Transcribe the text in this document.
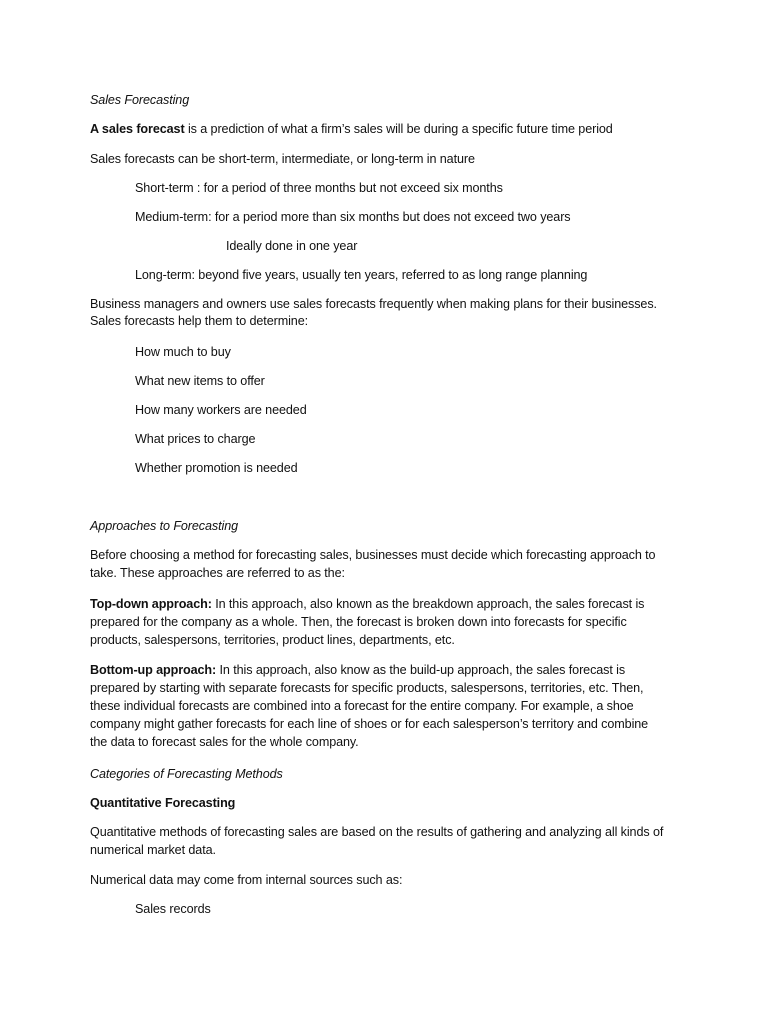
Sales Forecasting
A sales forecast is a prediction of what a firm’s sales will be during a specific future time period
Sales forecasts can be short-term, intermediate, or long-term in nature
Short-term : for a period of three months but not exceed six months
Medium-term: for a period more than six months but does not exceed two years
Ideally done in one year
Long-term: beyond five years, usually ten years, referred to as long range planning
Business managers and owners use sales forecasts frequently when making plans for their businesses.
Sales forecasts help them to determine:
How much to buy
What new items to offer
How many workers are needed
What prices to charge
Whether promotion is needed
Approaches to Forecasting
Before choosing a method for forecasting sales, businesses must decide which forecasting approach to
take. These approaches are referred to as the:
Top-down approach: In this approach, also known as the breakdown approach, the sales forecast is
prepared for the company as a whole. Then, the forecast is broken down into forecasts for specific
products, salespersons, territories, product lines, departments, etc.
Bottom-up approach: In this approach, also know as the build-up approach, the sales forecast is
prepared by starting with separate forecasts for specific products, salespersons, territories, etc. Then,
these individual forecasts are combined into a forecast for the entire company. For example, a shoe
company might gather forecasts for each line of shoes or for each salesperson’s territory and combine
the data to forecast sales for the whole company.
Categories of Forecasting Methods
Quantitative Forecasting
Quantitative methods of forecasting sales are based on the results of gathering and analyzing all kinds of
numerical market data.
Numerical data may come from internal sources such as:
Sales records
